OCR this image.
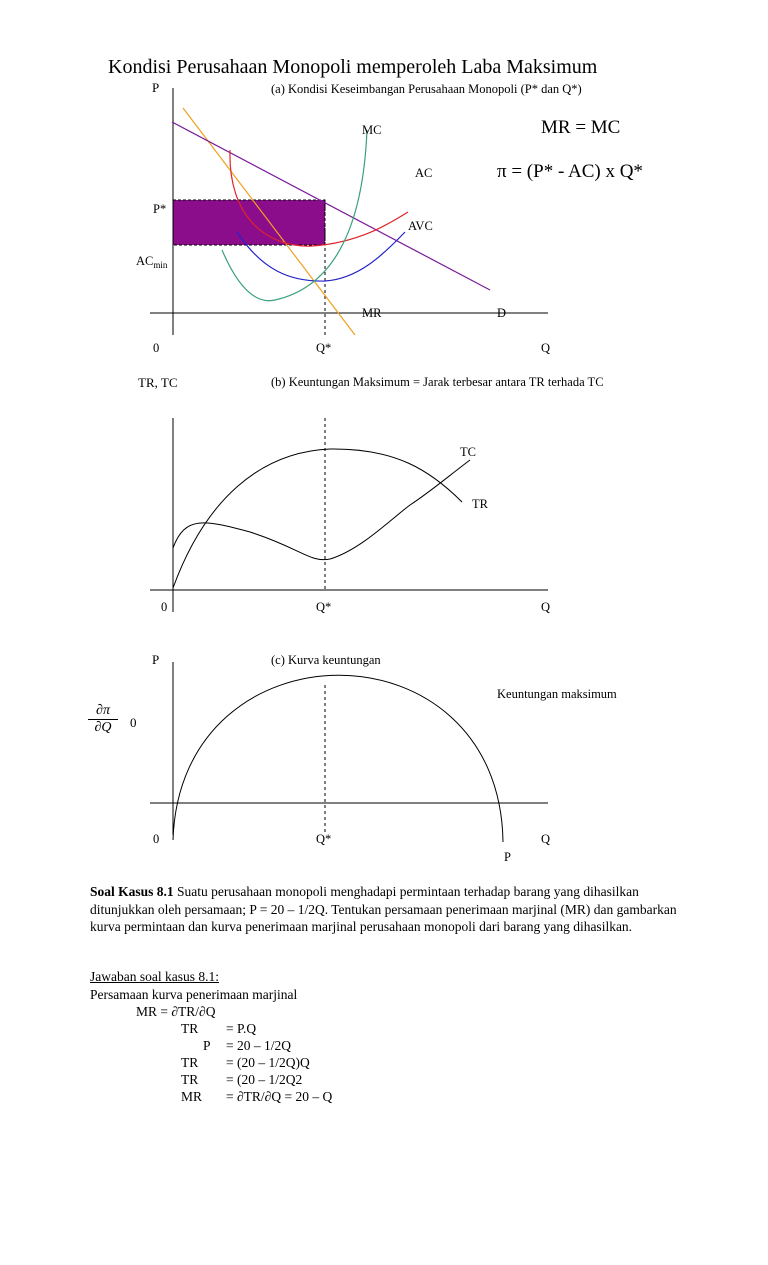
Kondisi Perusahaan Monopoli memperoleh Laba Maksimum
P	(a) Kondisi Keseimbangan Perusahaan Monopoli (P* dan Q*)
MR = MC
π = (P* - AC) x Q*
MC
AC
AVC
MR	D
P*
$AC_{min}$
0	Q*	Q
TR, TC	(b) Keuntungan Maksimum = Jarak terbesar antara TR terhada TC
TC
TR
0	Q*	Q
P	(c) Kurva keuntungan
Keuntungan maksimum
$\frac{\partial\pi}{\partial Q} 0$
0	Q*	Q
P
Soal Kasus 8.1 Suatu perusahaan monopoli menghadapi permintaan terhadap barang yang dihasilkan ditunjukkan oleh persamaan; P = 20 – 1/2Q. Tentukan persamaan penerimaan marjinal (MR) dan gambarkan kurva permintaan dan kurva penerimaan marjinal perusahaan monopoli dari barang yang dihasilkan.
Jawaban soal kasus 8.1:
Persamaan kurva penerimaan marjinal
MR = ∂TR/∂Q
TR = P.Q
P = 20 – 1/2Q
TR = (20 – 1/2Q)Q
TR = (20 – 1/2Q2
MR = ∂TR/∂Q = 20 – Q
